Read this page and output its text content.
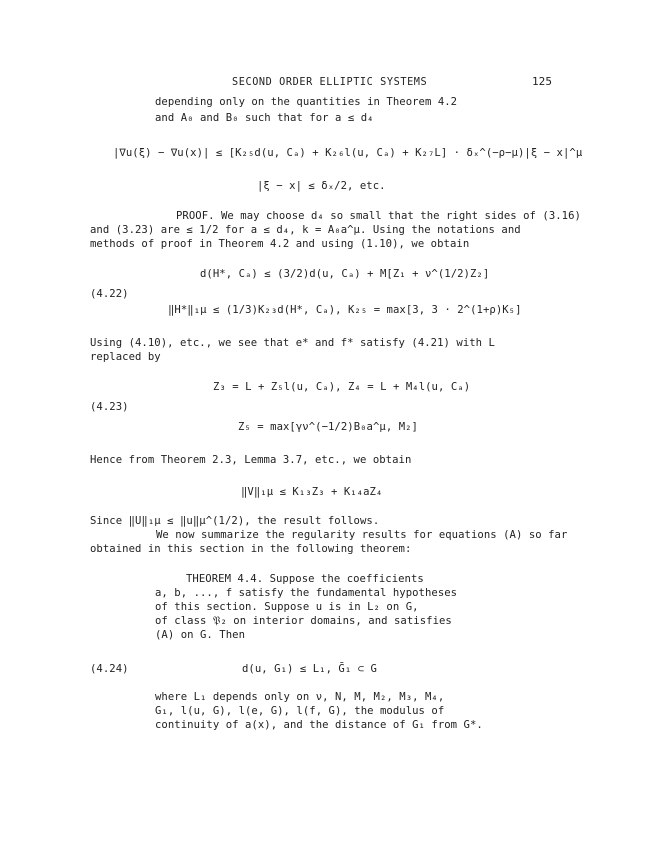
SECOND ORDER ELLIPTIC SYSTEMS	125
depending only on the quantities in Theorem 4.2
and A₀ and B₀ such that for a ≤ d₄
|∇u(ξ) − ∇u(x)| ≤ [K₂₅d(u, Cₐ) + K₂₆l(u, Cₐ) + K₂₇L] · δₓ^(−ρ−μ)|ξ − x|^μ
|ξ − x| ≤ δₓ/2, etc.
PROOF. We may choose d₄ so small that the right sides of (3.16)
and (3.23) are ≤ 1/2 for a ≤ d₄, k = A₀a^μ. Using the notations and
methods of proof in Theorem 4.2 and using (1.10), we obtain
d(H*, Cₐ) ≤ (3/2)d(u, Cₐ) + M[Z₁ + ν^(1/2)Z₂]
(4.22)
‖H*‖₁μ ≤ (1/3)K₂₃d(H*, Cₐ), K₂₅ = max[3, 3 · 2^(1+ρ)K₅]
Using (4.10), etc., we see that e* and f* satisfy (4.21) with L
replaced by
Z₃ = L + Z₅l(u, Cₐ), Z₄ = L + M₄l(u, Cₐ)
(4.23)
Z₅ = max[γν^(−1/2)B₀a^μ, M₂]
Hence from Theorem 2.3, Lemma 3.7, etc., we obtain
‖V‖₁μ ≤ K₁₃Z₃ + K₁₄aZ₄
Since ‖U‖₁μ ≤ ‖u‖μ^(1/2), the result follows.
We now summarize the regularity results for equations (A) so far
obtained in this section in the following theorem:
THEOREM 4.4. Suppose the coefficients
a, b, ..., f satisfy the fundamental hypotheses
of this section. Suppose u is in L₂ on G,
of class 𝔓₂ on interior domains, and satisfies
(A) on G. Then
(4.24)	d(u, G₁) ≤ L₁, Ḡ₁ ⊂ G
where L₁ depends only on ν, N, M, M₂, M₃, M₄,
G₁, l(u, G), l(e, G), l(f, G), the modulus of
continuity of a(x), and the distance of G₁ from G*.
